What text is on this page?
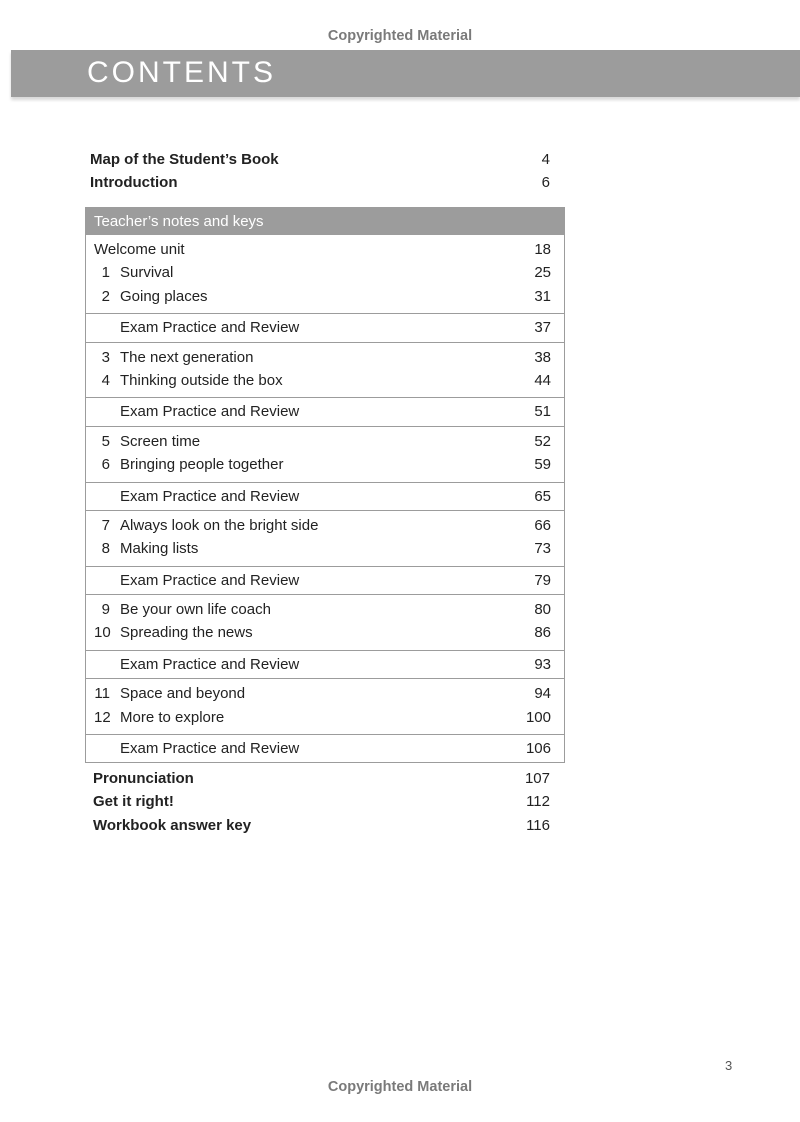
Copyrighted Material
CONTENTS
Map of the Student’s Book	4
Introduction	6
Teacher’s notes and keys
Welcome unit	18
1 Survival	25
2 Going places	31
Exam Practice and Review	37
3 The next generation	38
4 Thinking outside the box	44
Exam Practice and Review	51
5 Screen time	52
6 Bringing people together	59
Exam Practice and Review	65
7 Always look on the bright side	66
8 Making lists	73
Exam Practice and Review	79
9 Be your own life coach	80
10 Spreading the news	86
Exam Practice and Review	93
11 Space and beyond	94
12 More to explore	100
Exam Practice and Review	106
Pronunciation	107
Get it right!	112
Workbook answer key	116
3
Copyrighted Material
